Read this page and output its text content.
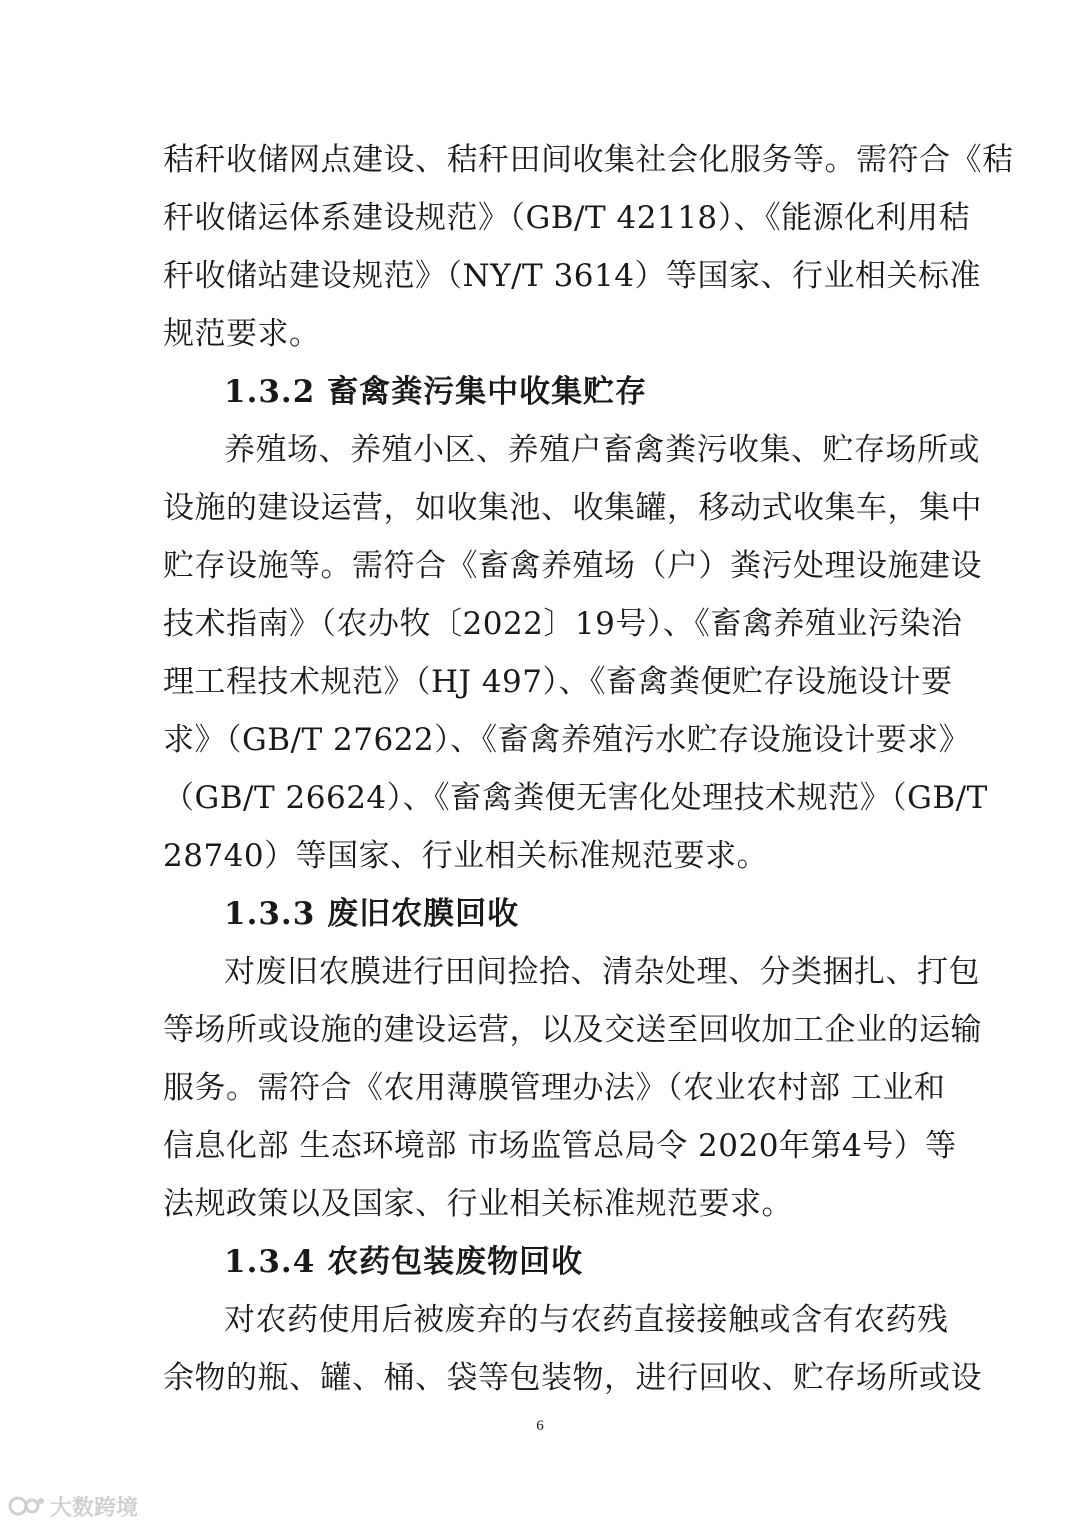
秸秆收储网点建设、秸秆田间收集社会化服务等。需符合《秸
秆收储运体系建设规范》（GB/T 42118）、《能源化利用秸
秆收储站建设规范》（NY/T 3614）等国家、行业相关标准
规范要求。
1.3.2 畜禽粪污集中收集贮存
养殖场、养殖小区、养殖户畜禽粪污收集、贮存场所或
设施的建设运营，如收集池、收集罐，移动式收集车，集中
贮存设施等。需符合《畜禽养殖场（户）粪污处理设施建设
技术指南》（农办牧〔2022〕19号）、《畜禽养殖业污染治
理工程技术规范》（HJ 497）、《畜禽粪便贮存设施设计要
求》（GB/T 27622）、《畜禽养殖污水贮存设施设计要求》
（GB/T 26624）、《畜禽粪便无害化处理技术规范》（GB/T
28740）等国家、行业相关标准规范要求。
1.3.3 废旧农膜回收
对废旧农膜进行田间捡拾、清杂处理、分类捆扎、打包
等场所或设施的建设运营，以及交送至回收加工企业的运输
服务。需符合《农用薄膜管理办法》（农业农村部 工业和
信息化部 生态环境部 市场监管总局令 2020年第4号）等
法规政策以及国家、行业相关标准规范要求。
1.3.4 农药包装废物回收
对农药使用后被废弃的与农药直接接触或含有农药残
余物的瓶、罐、桶、袋等包装物，进行回收、贮存场所或设
6
大数跨境
